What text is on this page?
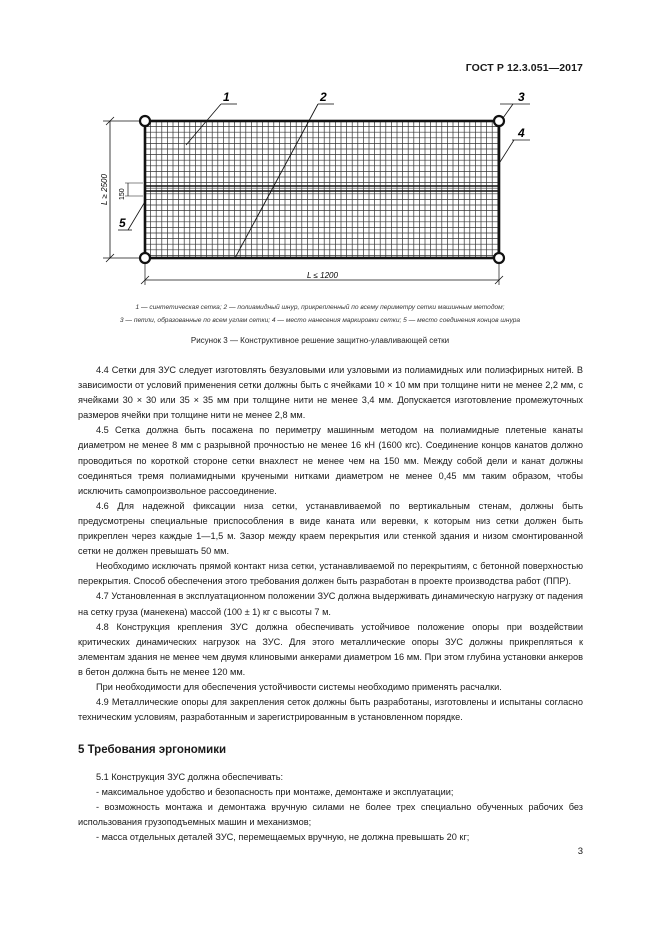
ГОСТ Р 12.3.051—2017
L ≥ 2500 150
L ≤ 1200
1	2	3
4
5
1 — синтетическая сетка; 2 — полиамидный шнур, прикрепленный по всему периметру сетки машинным методом;
3 — петли, образованные по всем углам сетки; 4 — место нанесения маркировки сетки; 5 — место соединения концов шнура
Рисунок 3 — Конструктивное решение защитно-улавливающей сетки

4.4 Сетки для ЗУС следует изготовлять безузловыми или узловыми из полиамидных или полиэфирных нитей. В зависимости от условий применения сетки должны быть с ячейками 10 × 10 мм при толщине нити не менее 2,2 мм, с ячейками 30 × 30 или 35 × 35 мм при толщине нити не менее 3,4 мм. Допускается изготовление промежуточных размеров ячейки при толщине нити не менее 2,8 мм.

4.5 Сетка должна быть посажена по периметру машинным методом на полиамидные плетеные канаты диаметром не менее 8 мм с разрывной прочностью не менее 16 кН (1600 кгс). Соединение концов канатов должно проводиться по короткой стороне сетки внахлест не менее чем на 150 мм. Между собой дели и канат должны соединяться тремя полиамидными кручеными нитками диаметром не менее 0,45 мм таким образом, чтобы исключить самопроизвольное рассоединение.

4.6 Для надежной фиксации низа сетки, устанавливаемой по вертикальным стенам, должны быть предусмотрены специальные приспособления в виде каната или веревки, к которым низ сетки должен быть прикреплен через каждые 1—1,5 м. Зазор между краем перекрытия или стенкой здания и низом смонтированной сетки не должен превышать 50 мм.

Необходимо исключать прямой контакт низа сетки, устанавливаемой по перекрытиям, с бетонной поверхностью перекрытия. Способ обеспечения этого требования должен быть разработан в проекте производства работ (ППР).

4.7 Установленная в эксплуатационном положении ЗУС должна выдерживать динамическую нагрузку от падения на сетку груза (манекена) массой (100 ± 1) кг с высоты 7 м.

4.8 Конструкция крепления ЗУС должна обеспечивать устойчивое положение опоры при воздействии критических динамических нагрузок на ЗУС. Для этого металлические опоры ЗУС должны прикрепляться к элементам здания не менее чем двумя клиновыми анкерами диаметром 16 мм. При этом глубина установки анкеров в бетон должна быть не менее 120 мм.

При необходимости для обеспечения устойчивости системы необходимо применять расчалки.

4.9 Металлические опоры для закрепления сеток должны быть разработаны, изготовлены и испытаны согласно техническим условиям, разработанным и зарегистрированным в установленном порядке.

5 Требования эргономики

5.1 Конструкция ЗУС должна обеспечивать:

- максимальное удобство и безопасность при монтаже, демонтаже и эксплуатации;

- возможность монтажа и демонтажа вручную силами не более трех специально обученных рабочих без использования грузоподъемных машин и механизмов;

- масса отдельных деталей ЗУС, перемещаемых вручную, не должна превышать 20 кг;

3
